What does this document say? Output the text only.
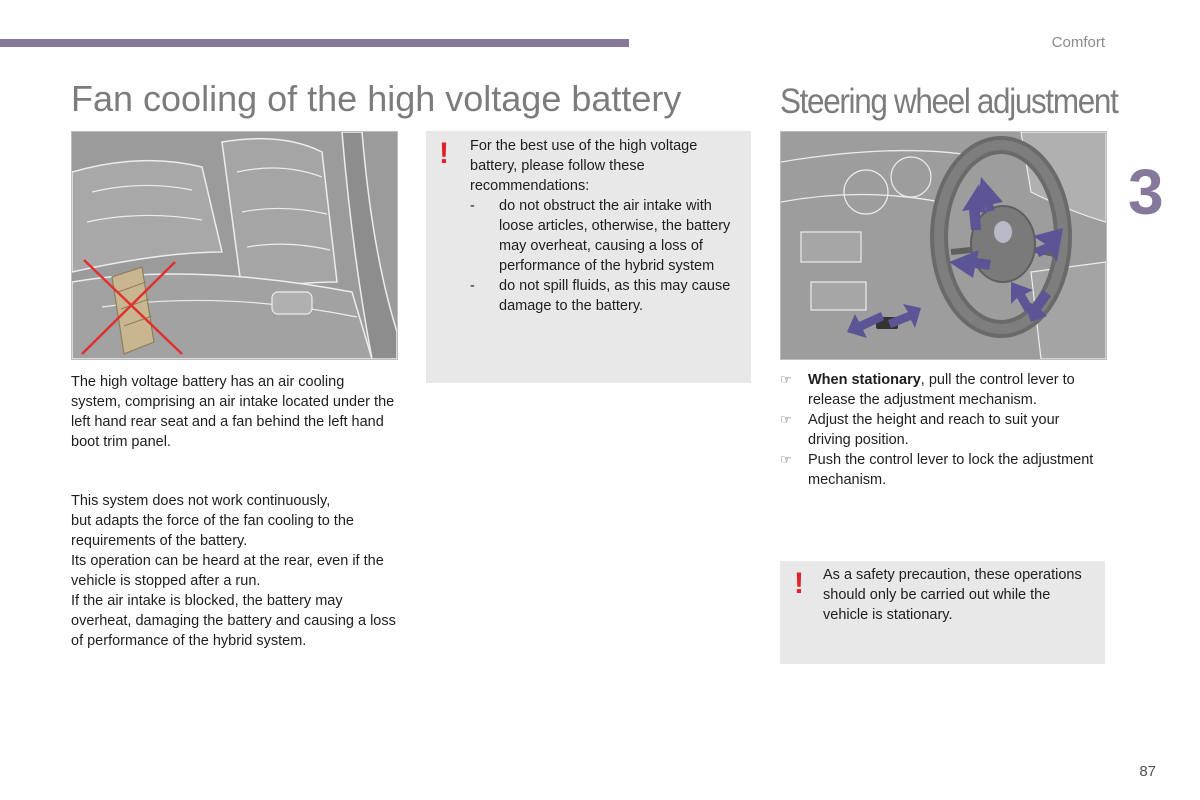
Comfort
3
87
Fan cooling of the high voltage battery	Steering wheel adjustment

The high voltage battery has an air cooling system, comprising an air intake located under the left hand rear seat and a fan behind the left hand boot trim panel.

This system does not work continuously,

but adapts the force of the fan cooling to the requirements of the battery.

Its operation can be heard at the rear, even if the vehicle is stopped after a run.

If the air intake is blocked, the battery may overheat, damaging the battery and causing a loss of performance of the hybrid system.

! For the best use of the high voltage battery, please follow these recommendations:
-	do not obstruct the air intake with loose articles, otherwise, the battery may overheat, causing a loss of performance of the hybrid system
-	do not spill fluids, as this may cause damage to the battery.
☞	When stationary, pull the control lever to release the adjustment mechanism.
☞	Adjust the height and reach to suit your driving position.
☞	Push the control lever to lock the adjustment mechanism.
! As a safety precaution, these operations should only be carried out while the vehicle is stationary.
